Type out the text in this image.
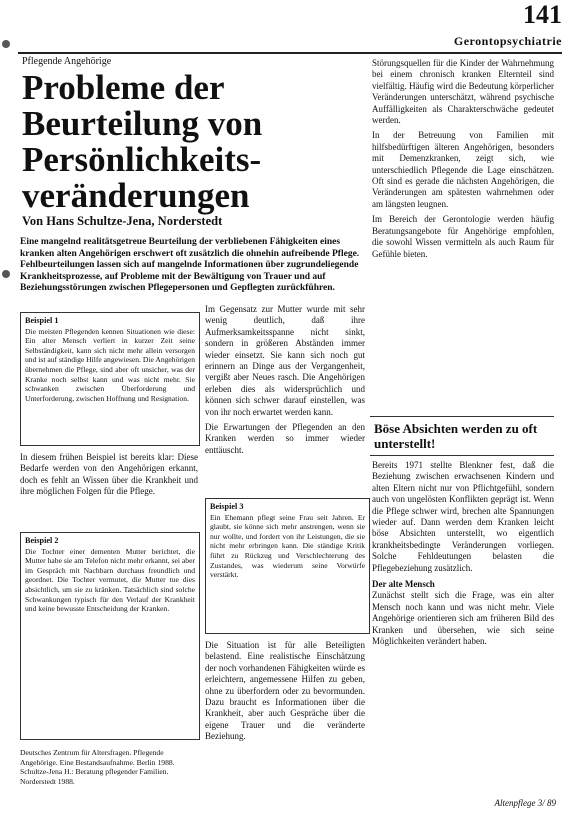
141
Gerontopsychiatrie
Pflegende Angehörige
Probleme der Beurteilung von Persönlichkeits-veränderungen
Von Hans Schultze-Jena, Norderstedt
Eine mangelnd realitätsgetreue Beurteilung der verbliebenen Fähigkeiten eines kranken alten Angehörigen erschwert oft zusätzlich die ohnehin aufreibende Pflege. Fehlbeurteilungen lassen sich auf mangelnde Informationen über zugrundeliegende Krankheitsprozesse, auf Probleme mit der Bewältigung von Trauer und auf Beziehungsstörungen zwischen Pflegepersonen und Gepflegten zurückführen.
Beispiel 1
Die meisten Pflegenden kennen Situationen wie diese: Ein alter Mensch verliert in kurzer Zeit seine Selbständigkeit, kann sich nicht mehr allein versorgen und ist auf ständige Hilfe angewiesen. Die Angehörigen übernehmen die Pflege, sind aber oft unsicher, was der Kranke noch selbst kann und was nicht mehr. Sie schwanken zwischen Überforderung und Unterforderung, zwischen Hoffnung und Resignation.

In diesem frühen Beispiel ist bereits klar: Diese Bedarfe werden von den Angehörigen erkannt, doch es fehlt an Wissen über die Krankheit und ihre möglichen Folgen für die Pflege.

Beispiel 2
Die Tochter einer dementen Mutter berichtet, die Mutter habe sie am Telefon nicht mehr erkannt, sei aber im Gespräch mit Nachbarn durchaus freundlich und geordnet. Die Tochter vermutet, die Mutter tue dies absichtlich, um sie zu kränken. Tatsächlich sind solche Schwankungen typisch für den Verlauf der Krankheit und keine bewusste Entscheidung der Kranken.
Deutsches Zentrum für Altersfragen. Pflegende Angehörige. Eine Bestandsaufnahme. Berlin 1988. Schultze-Jena H.: Beratung pflegender Familien. Norderstedt 1988.

Im Gegensatz zur Mutter wurde mit sehr wenig deutlich, daß ihre Aufmerksamkeitsspanne nicht sinkt, sondern in größeren Abständen immer wieder einsetzt. Sie kann sich noch gut erinnern an Dinge aus der Vergangenheit, vergißt aber Neues rasch. Die Angehörigen erleben dies als widersprüchlich und können sich schwer darauf einstellen, was von ihr noch erwartet werden kann.

Die Erwartungen der Pflegenden an den Kranken werden so immer wieder enttäuscht.

Beispiel 3
Ein Ehemann pflegt seine Frau seit Jahren. Er glaubt, sie könne sich mehr anstrengen, wenn sie nur wollte, und fordert von ihr Leistungen, die sie nicht mehr erbringen kann. Die ständige Kritik führt zu Rückzug und Verschlechterung des Zustandes, was wiederum seine Vorwürfe verstärkt.

Die Situation ist für alle Beteiligten belastend. Eine realistische Einschätzung der noch vorhandenen Fähigkeiten würde es erleichtern, angemessene Hilfen zu geben, ohne zu überfordern oder zu bevormunden. Dazu braucht es Informationen über die Krankheit, aber auch Gespräche über die eigene Trauer und die veränderte Beziehung.

Störungsquellen für die Kinder der Wahrnehmung bei einem chronisch kranken Elternteil sind vielfältig. Häufig wird die Bedeutung körperlicher Veränderungen unterschätzt, während psychische Auffälligkeiten als Charakterschwäche gedeutet werden.

In der Betreuung von Familien mit hilfsbedürftigen älteren Angehörigen, besonders mit Demenzkranken, zeigt sich, wie unterschiedlich Pflegende die Lage einschätzen. Oft sind es gerade die nächsten Angehörigen, die Veränderungen am spätesten wahrnehmen oder am längsten leugnen.

Im Bereich der Gerontologie werden häufig Beratungsangebote für Angehörige empfohlen, die sowohl Wissen vermitteln als auch Raum für Gefühle bieten.

Böse Absichten werden zu oft unterstellt!

Bereits 1971 stellte Blenkner fest, daß die Beziehung zwischen erwachsenen Kindern und alten Eltern nicht nur von Pflichtgefühl, sondern auch von ungelösten Konflikten geprägt ist. Wenn die Pflege schwer wird, brechen alte Spannungen wieder auf. Dann werden dem Kranken leicht böse Absichten unterstellt, wo eigentlich krankheitsbedingte Veränderungen vorliegen. Solche Fehldeutungen belasten die Pflegebeziehung zusätzlich.

Der alte Mensch

Zunächst stellt sich die Frage, was ein alter Mensch noch kann und was nicht mehr. Viele Angehörige orientieren sich am früheren Bild des Kranken und übersehen, wie sich seine Möglichkeiten verändert haben.

Altenpflege 3/ 89
